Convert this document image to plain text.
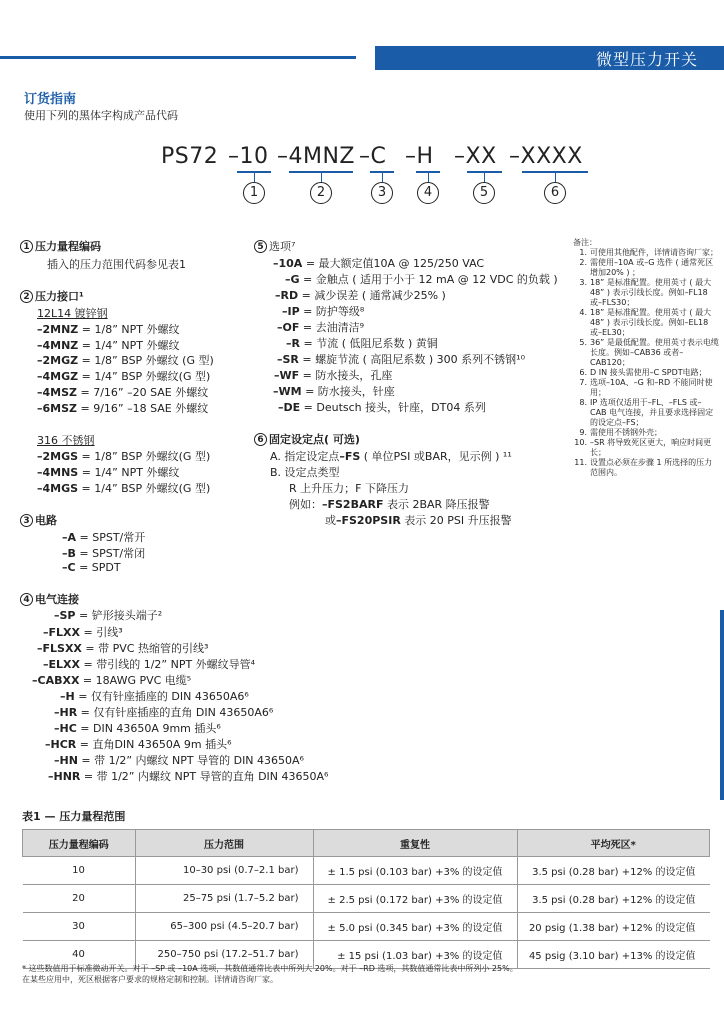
微型压力开关
订货指南
使用下列的黑体字构成产品代码
PS72 –10 –4MNZ –C –H –XX –XXXX
1	2	3	4	5	6
1 压力量程编码
插入的压力范围代码参见表1
2 压力接口¹
12L14 镀锌钢
–2MNZ = 1/8” NPT 外螺纹
–4MNZ = 1/4” NPT 外螺纹
–2MGZ = 1/8” BSP 外螺纹 (G 型)
–4MGZ = 1/4” BSP 外螺纹(G 型)
–4MSZ = 7/16” –20 SAE 外螺纹
–6MSZ = 9/16” –18 SAE 外螺纹
316 不锈钢
–2MGS = 1/8” BSP 外螺纹(G 型)
–4MNS = 1/4” NPT 外螺纹
–4MGS = 1/4” BSP 外螺纹(G 型)
3 电路
–A = SPST/常开
–B = SPST/常闭
–C = SPDT
4 电气连接
–SP = 铲形接头端子²
–FLXX = 引线³
–FLSXX = 带 PVC 热缩管的引线³
–ELXX = 带引线的 1/2” NPT 外螺纹导管⁴
–CABXX = 18AWG PVC 电缆⁵
–H = 仅有针座插座的 DIN 43650A6⁶
–HR = 仅有针座插座的直角 DIN 43650A6⁶
–HC = DIN 43650A 9mm 插头⁶
–HCR = 直角DIN 43650A 9m 插头⁶
–HN = 带 1/2” 内螺纹 NPT 导管的 DIN 43650A⁶
–HNR = 带 1/2” 内螺纹 NPT 导管的直角 DIN 43650A⁶
5 选项⁷
–10A = 最大额定值10A @ 125/250 VAC
–G = 金触点 ( 适用于小于 12 mA @ 12 VDC 的负载 )
–RD = 减少误差 ( 通常减少25% )
–IP = 防护等级⁸
–OF = 去油清洁⁹
–R = 节流 ( 低阻尼系数 ) 黄铜
–SR = 螺旋节流 ( 高阻尼系数 ) 300 系列不锈钢¹⁰
–WF = 防水接头，孔座
–WM = 防水接头，针座
–DE = Deutsch 接头，针座，DT04 系列
6 固定设定点( 可选)
A. 指定设定点–FS ( 单位PSI 或BAR，见示例 ) ¹¹
B. 设定点类型
R 上升压力；F 下降压力
例如：–FS2BARF 表示 2BAR 降压报警
或–FS20PSIR 表示 20 PSI 升压报警
备注：
1. 可使用其他配件，详情请咨询厂家；
2. 需使用–10A 或–G 选件 ( 通常死区增加20% ) ；
3. 18” 是标准配置。使用英寸 ( 最大48” ) 表示引线长度。例如–FL18或–FLS30；
4. 18” 是标准配置。使用英寸 ( 最大48” ) 表示引线长度。例如–EL18或–EL30；
5. 36” 是最低配置。使用英寸表示电缆长度。例如–CAB36 或者–CAB120；
6. D IN 接头需使用–C SPDT电路；
7. 选项–10A、–G 和–RD 不能同时使用；
8. IP 选项仅适用于–FL、–FLS 或– CAB 电气连接，并且要求选择固定的设定点–FS；
9. 需使用不锈钢外壳；
10. –SR 将导致死区更大，响应时间更长；
11. 设置点必须在步骤 1 所选择的压力范围内。
表1 — 压力量程范围
压力量程编码	压力范围	重复性	平均死区*
10	10–30 psi (0.7–2.1 bar)	± 1.5 psi (0.103 bar) +3% 的设定值	3.5 psi (0.28 bar) +12% 的设定值
20	25–75 psi (1.7–5.2 bar)	± 2.5 psi (0.172 bar) +3% 的设定值	3.5 psi (0.28 bar) +12% 的设定值
30	65–300 psi (4.5–20.7 bar)	± 5.0 psi (0.345 bar) +3% 的设定值	20 psig (1.38 bar) +12% 的设定值
40	250–750 psi (17.2–51.7 bar)	± 15 psi (1.03 bar) +3% 的设定值	45 psig (3.10 bar) +13% 的设定值
* 这些数值用于标准微动开关。对于 –SP 或 –10A 选项，其数值通常比表中所列大 20%。对于 –RD 选项，其数值通常比表中所列小 25%。
在某些应用中，死区根据客户要求的规格定制和控制。详情请咨询厂家。
